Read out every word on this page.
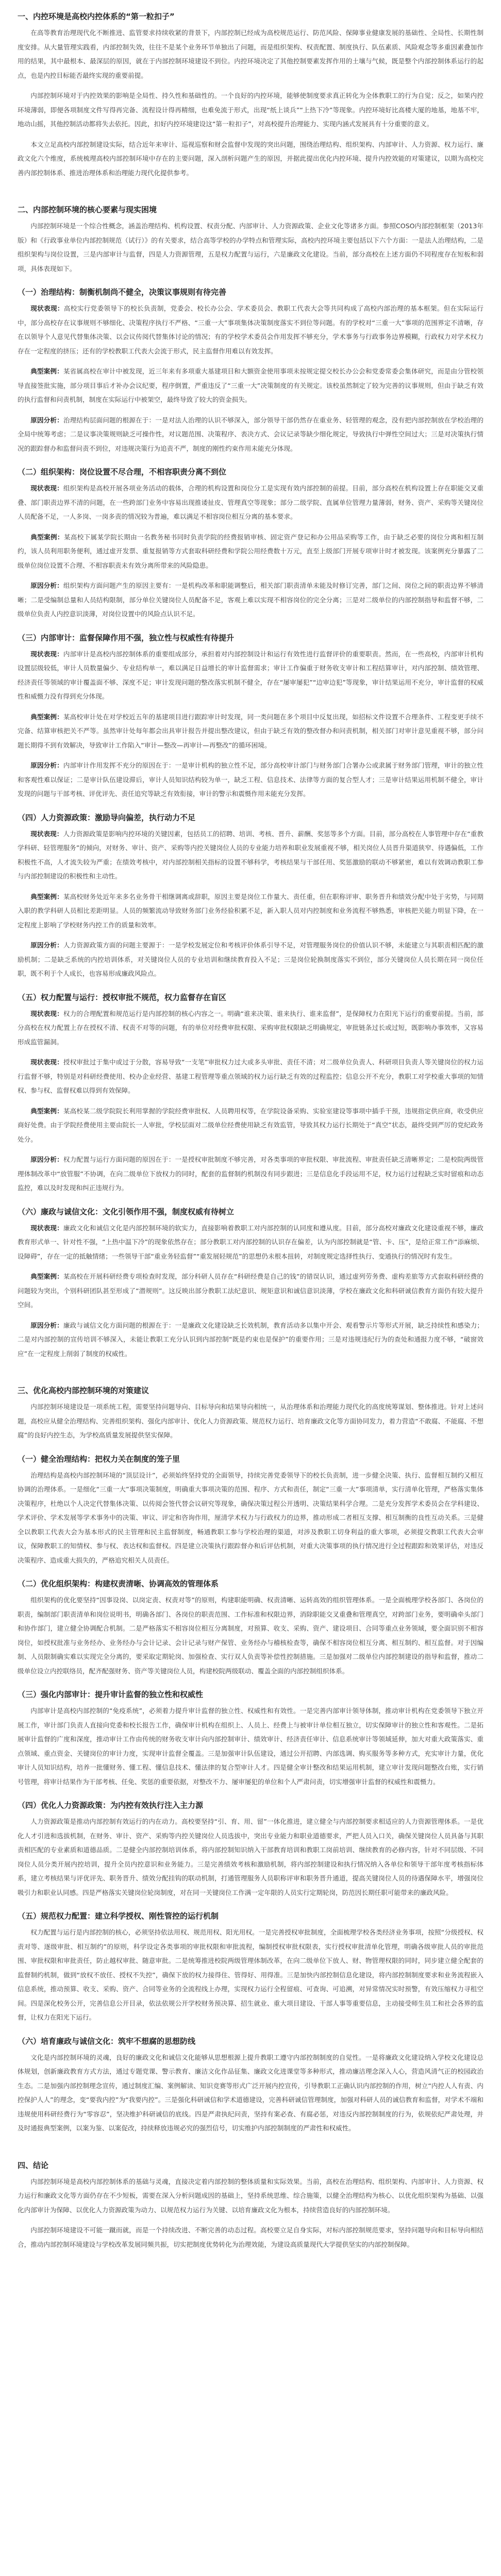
一、内控环境是高校内控体系的“第一粒扣子”

在高等教育治理现代化不断推进、监管要求持续收紧的背景下，内部控制已经成为高校规范运行、防范风险、保障事业健康发展的基础性、全局性、长期性制度安排。从大量管理实践看，内部控制失效，往往不是某个业务环节单独出了问题，而是组织架构、权责配置、制度执行、队伍素质、风险观念等多重因素叠加作用的结果，其中最根本、最深层的原因，就在于内部控制环境建设不到位。内控环境决定了其他控制要素发挥作用的土壤与气候，既是整个内部控制体系运行的起点，也是内控目标能否最终实现的重要前提。

内部控制环境对于内控效果的影响是全局性、持久性和基础性的。一个良好的内控环境，能够使制度要求真正转化为全体教职工的行为自觉；反之，如果内控环境薄弱，即便各项制度文件写得再完备、流程设计得再精细，也难免流于形式，出现“纸上谈兵”“上热下冷”等现象。内控环境好比高楼大厦的地基，地基不牢，地动山摇，其他控制活动都将失去依托。因此，扣好内控环境建设这“第一粒扣子”，对高校提升治理能力、实现内涵式发展具有十分重要的意义。

本文立足高校内部控制建设实际，结合近年来审计、巡视巡察和财会监督中发现的突出问题，围绕治理结构、组织架构、内部审计、人力资源、权力运行、廉政文化六个维度，系统梳理高校内部控制环境中存在的主要问题，深入剖析问题产生的原因，并据此提出优化内控环境、提升内控效能的对策建议，以期为高校完善内部控制体系、推进治理体系和治理能力现代化提供参考。

二、内部控制环境的核心要素与现实困境

内部控制环境是一个综合性概念，涵盖治理结构、机构设置、权责分配、内部审计、人力资源政策、企业文化等诸多方面。参照COSO内部控制框架（2013年版）和《行政事业单位内部控制规范（试行）》的有关要求，结合高等学校的办学特点和管理实际，高校内控环境主要包括以下六个方面：一是法人治理结构，二是组织架构与岗位设置，三是内部审计与监督，四是人力资源管理，五是权力配置与运行，六是廉政文化建设。当前，部分高校在上述方面仍不同程度存在短板和弱项，具体表现如下。

（一）治理结构：制衡机制尚不健全，决策议事规则有待完善

现状表现：高校实行党委领导下的校长负责制，党委会、校长办公会、学术委员会、教职工代表大会等共同构成了高校内部治理的基本框架。但在实际运行中，部分高校存在议事规则不够细化、决策程序执行不严格、“三重一大”事项集体决策制度落实不到位等问题。有的学校对“三重一大”事项的范围界定不清晰，存在以领导个人意见代替集体决策、以会议传阅代替集体讨论的情况；有的学校学术委员会作用发挥不够充分，学术事务与行政事务边界模糊，行政权力对学术权力存在一定程度的挤压；还有的学校教职工代表大会流于形式，民主监督作用难以有效发挥。

典型案例：某省属高校在审计中被发现，近三年来有多项重大基建项目和大额资金使用事项未按规定提交校长办公会和党委常委会集体研究，而是由分管校领导直接签批实施，部分项目事后才补办会议纪要，程序倒置，严重违反了“三重一大”决策制度的有关规定。该校虽然制定了较为完善的议事规则，但由于缺乏有效的执行监督和问责机制，制度在实际运行中被架空，最终导致了较大的资金损失。

原因分析：治理结构层面问题的根源在于：一是对法人治理的认识不够深入，部分领导干部仍然存在重业务、轻管理的观念，没有把内部控制放在学校治理的全局中统筹考虑；二是议事决策规则缺乏可操作性，对议题范围、决策程序、表决方式、会议记录等缺少细化规定，导致执行中弹性空间过大；三是对决策执行情况的跟踪督办和监督问责不到位，对违规决策行为追责不严，制度的刚性约束作用未能充分体现。

（二）组织架构：岗位设置不尽合理，不相容职责分离不到位

现状表现：组织架构是高校开展各项业务活动的载体，合理的机构设置和岗位分工是实现有效内部控制的前提。目前，部分高校在机构设置上存在职能交叉重叠、部门职责边界不清的问题，在一些跨部门业务中容易出现推诿扯皮、管理真空等现象；部分二级学院、直属单位管理力量薄弱，财务、资产、采购等关键岗位人员配备不足，一人多岗、一岗多责的情况较为普遍，难以满足不相容岗位相互分离的基本要求。

典型案例：某高校下属某学院长期由一名教务秘书同时负责学院的经费报销审核、固定资产登记和办公用品采购等工作，由于缺乏必要的岗位分离和相互制约，该人员利用职务便利，通过虚开发票、重复报销等方式套取科研经费和学院公用经费数十万元，直至上级部门开展专项审计时才被发现。该案例充分暴露了二级单位岗位设置不合理、不相容职责未有效分离所带来的风险隐患。

原因分析：组织架构方面问题产生的原因主要有：一是机构改革和职能调整后，相关部门职责清单未能及时修订完善，部门之间、岗位之间的职责边界不够清晰；二是受编制总量和人员结构限制，部分单位关键岗位人员配备不足，客观上难以实现不相容岗位的完全分离；三是对二级单位的内部控制指导和监督不够，二级单位负责人内控意识淡薄，对岗位设置中的风险点认识不足。

（三）内部审计：监督保障作用不强，独立性与权威性有待提升

现状表现：内部审计是高校内部控制体系的重要组成部分，承担着对内部控制设计和运行有效性进行监督评价的重要职责。然而，在一些高校，内部审计机构设置层级较低，审计人员数量偏少、专业结构单一，难以满足日益增长的审计监督需求；审计工作偏重于财务收支审计和工程结算审计，对内部控制、绩效管理、经济责任等领域的审计覆盖面不够、深度不足；审计发现问题的整改落实机制不健全，存在“屡审屡犯”“边审边犯”等现象，审计结果运用不充分，审计监督的权威性和威慑力没有得到充分体现。

典型案例：某高校审计处在对学校近五年的基建项目进行跟踪审计时发现，同一类问题在多个项目中反复出现，如招标文件设置不合理条件、工程变更手续不完备、结算审核把关不严等。虽然审计处每年都会出具审计报告并提出整改建议，但由于缺乏有效的整改督办和问责机制，相关部门对审计意见重视不够，部分问题长期得不到有效解决，导致审计工作陷入“审计—整改—再审计—再整改”的循环困境。

原因分析：内部审计作用发挥不充分的原因在于：一是审计机构的独立性不足，部分高校审计部门与财务部门合署办公或隶属于财务部门管理，审计的独立性和客观性难以保证；二是审计队伍建设滞后，审计人员知识结构较为单一，缺乏工程、信息技术、法律等方面的复合型人才；三是审计结果运用机制不健全，审计发现的问题与干部考核、评优评先、责任追究等缺乏有效衔接，审计的警示和震慑作用未能充分发挥。

（四）人力资源政策：激励导向偏差，执行动力不足

现状表现：人力资源政策是影响内控环境的关键因素，包括员工的招聘、培训、考核、晋升、薪酬、奖惩等多个方面。目前，部分高校在人事管理中存在“重教学科研、轻管理服务”的倾向，对财务、审计、资产、采购等内控关键岗位人员的专业能力培养和职业发展重视不够，相关岗位人员晋升渠道狭窄、待遇偏低，工作积极性不高，人才流失较为严重；在绩效考核中，对内部控制相关指标的设置不够科学，考核结果与干部任用、奖惩激励的联动不够紧密，难以有效调动教职工参与内部控制建设的积极性和主动性。

典型案例：某高校财务处近年来多名业务骨干相继调离或辞职，原因主要是岗位工作量大、责任重，但在职称评审、职务晋升和绩效分配中处于劣势，与同期入职的教学科研人员相比差距明显。人员的频繁流动导致财务部门业务经验积累不足，新入职人员对内控制度和业务流程不够熟悉，审核把关能力明显下降，在一定程度上影响了学校财务内控工作的质量和效率。

原因分析：人力资源政策方面的问题主要源于：一是学校发展定位和考核评价体系引导不足，对管理服务岗位的价值认识不够，未能建立与其职责相匹配的激励机制；二是缺乏系统的内控培训体系，对关键岗位人员的专业培训和继续教育投入不足；三是岗位轮换制度落实不到位，部分关键岗位人员长期在同一岗位任职，既不利于个人成长，也容易形成廉政风险点。

（五）权力配置与运行：授权审批不规范，权力监督存在盲区

现状表现：权力的合理配置和规范运行是内部控制的核心内容之一。明确“谁来决策、谁来执行、谁来监督”，是保障权力在阳光下运行的重要前提。当前，部分高校在权力配置上存在授权不清、权责不对等的问题，有的单位对经费审批权限、采购审批权限缺乏明确规定，审批链条过长或过短，既影响办事效率，又容易形成监管漏洞。

现状表现：授权审批过于集中或过于分散，容易导致“一支笔”审批权力过大或多头审批、责任不清；对二级单位负责人、科研项目负责人等关键岗位的权力运行监督不够，特别是对科研经费使用、校办企业经营、基建工程管理等重点领域的权力运行缺乏有效的过程监控；信息公开不充分，教职工对学校重大事项的知情权、参与权、监督权难以得到有效保障。

典型案例：某高校某二级学院院长利用掌握的学院经费审批权、人员聘用权等，在学院设备采购、实验室建设等事项中插手干预，违规指定供应商，收受供应商好处费。由于学院经费使用主要由院长一人审批，学校层面对二级单位经费使用缺乏有效监管，导致其权力运行长期处于“真空”状态，最终受到严厉的党纪政务处分。

原因分析：权力配置与运行方面问题的原因在于：一是授权审批制度不够完善，对各类事项的审批权限、审批流程、审批责任缺乏清晰界定；二是校院两级管理体制改革中“放管服”不协调，在向二级单位下放权力的同时，配套的监督制约机制没有同步跟进；三是信息化手段运用不足，权力运行过程缺乏实时留痕和动态监控，难以及时发现和纠正违规行为。

（六）廉政与诚信文化：文化引领作用不强，制度权威有待树立

现状表现：廉政文化和诚信文化是内部控制环境的软实力，直接影响着教职工对内部控制的认同度和遵从度。目前，部分高校对廉政文化建设重视不够，廉政教育形式单一、针对性不强，“上热中温下冷”的现象依然存在；部分教职工对内部控制的认识存在偏差，认为内部控制就是“管、卡、压”，是给正常工作“添麻烦、设障碍”，存在一定的抵触情绪；一些领导干部“重业务轻监督”“重发展轻规范”的思想仍未根本扭转，对制度规定选择性执行、变通执行的情况时有发生。

典型案例：某高校在开展科研经费专项检查时发现，部分科研人员存在“科研经费是自己的钱”的错误认识，通过虚列劳务费、虚构差旅等方式套取科研经费的问题较为突出，个别科研团队甚至形成了“潜规则”。这反映出部分教职工法纪意识、规矩意识和诚信意识淡薄，学校在廉政文化和科研诚信教育方面仍有较大提升空间。

原因分析：廉政与诚信文化方面问题的根源在于：一是廉政文化建设缺乏长效机制，教育活动多以集中开会、观看警示片等形式开展，缺乏持续性和感染力；二是对内部控制的宣传培训不够深入，未能让教职工充分认识到内部控制“既是约束也是保护”的重要作用；三是对违规违纪行为的查处和通报力度不够，“破窗效应”在一定程度上削弱了制度的权威性。

三、优化高校内部控制环境的对策建议

内部控制环境建设是一项系统工程，需要坚持问题导向、目标导向和结果导向相统一，从治理体系和治理能力现代化的高度统筹谋划、整体推进。针对上述问题，高校应从健全治理结构、完善组织架构、强化内部审计、优化人力资源政策、规范权力运行、培育廉政文化等方面协同发力，着力营造“不敢腐、不能腐、不想腐”的良好内控生态，为学校高质量发展提供坚实保障。

（一）健全治理结构：把权力关在制度的笼子里

治理结构是高校内部控制环境的“顶层设计”，必须始终坚持党的全面领导，持续完善党委领导下的校长负责制，进一步健全决策、执行、监督相互制约又相互协调的治理体系。一是细化“三重一大”事项决策制度，明确重大事项决策的范围、程序、方式和责任，制定“三重一大”事项清单，实行清单化管理，严格落实集体决策程序，杜绝以个人决定代替集体决策、以传阅会签代替会议研究等现象，确保决策过程公开透明、决策结果科学合理。二是充分发挥学术委员会在学科建设、学术评价、学术发展等学术事务中的决策、审议、评定和咨询作用，厘清学术权力与行政权力的边界，推动形成二者相互支撑、相互制衡的良性互动关系。三是健全以教职工代表大会为基本形式的民主管理和民主监督制度，畅通教职工参与学校治理的渠道，对涉及教职工切身利益的重大事项，必须提交教职工代表大会审议，保障教职工的知情权、参与权、表达权和监督权。四是建立决策执行跟踪督办和后评估机制，对重大决策事项的执行情况进行全过程跟踪和效果评估，对违反决策程序、造成重大损失的，严格追究相关人员责任。

（二）优化组织架构：构建权责清晰、协调高效的管理体系

组织架构的优化要坚持“因事设岗、以岗定责、权责对等”的原则，构建职能明确、权责清晰、运转高效的组织管理体系。一是全面梳理学校各部门、各岗位的职责，编制部门职责清单和岗位说明书，明确各部门、各岗位的职责范围、工作标准和权限边界，消除职能交叉重叠和管理真空，对跨部门业务，要明确牵头部门和协作部门，建立健全协调配合机制。二是严格落实不相容岗位相互分离制度，对预算、收支、采购、资产、建设项目、合同等重点业务领域，要全面识别不相容岗位，如授权批准与业务经办、业务经办与会计记录、会计记录与财产保管、业务经办与稽核检查等，确保不相容岗位相互分离、相互制约、相互监督。对于因编制、人员限制确实难以实现完全分离的，要采取定期轮岗、加强检查、实行双人负责等补偿性控制措施。三是加强对二级单位内部控制建设的指导和监督，推动二级单位设立内控联络员，配齐配强财务、资产等关键岗位人员，构建校院两级联动、覆盖全面的内部控制组织体系。

（三）强化内部审计：提升审计监督的独立性和权威性

内部审计是高校内部控制的“免疫系统”，必须着力提升审计监督的独立性、权威性和有效性。一是完善内部审计领导体制，推动审计机构在党委领导下独立开展工作，审计部门负责人直接向党委和校长报告工作，确保审计机构在组织上、人员上、经费上与被审计单位相互独立，切实保障审计的独立性和客观性。二是拓展审计监督的广度和深度，推动审计工作由传统的财务收支审计向内部控制审计、绩效审计、经济责任审计、信息系统审计等领域延伸，加大对重大政策落实、重点领域、重点资金、关键岗位的审计力度，实现审计监督全覆盖。三是加强审计队伍建设，通过公开招聘、内部选调、购买服务等多种方式，充实审计力量，优化审计人员知识结构，培养一批懂财务、懂工程、懂信息技术、懂法律的复合型审计人才。四是健全审计整改和结果运用机制，建立审计发现问题整改台账，实行销号管理，将审计结果作为干部考核、任免、奖惩的重要依据，对整改不力、屡审屡犯的单位和个人严肃问责，切实增强审计监督的权威性和震慑力。

（四）优化人力资源政策：为内控有效执行注入主力源

人力资源政策是推动内部控制有效运行的内在动力。高校要坚持“引、育、用、留”一体化推进，建立健全与内部控制要求相适应的人力资源管理体系。一是优化人才引进和选拔机制，在财务、审计、资产、采购等内控关键岗位人员选拔中，突出专业能力和职业道德要求，严把人员入口关，确保关键岗位人员具备与其职责相匹配的专业素质和道德品质。二是健全内部控制培训体系，将内部控制知识纳入干部教育培训和教职工岗前培训、继续教育的必修内容，针对不同层级、不同岗位人员分类开展内控培训，提升全员内控意识和业务能力。三是完善绩效考核和激励机制，将内部控制建设和执行情况纳入各单位和领导干部年度考核指标体系，建立考核结果与评优评先、职务晋升、绩效分配挂钩的联动机制，打通管理服务人员职称评审和职务晋升通道，提高关键岗位人员的待遇保障水平，增强岗位吸引力和职业认同感。四是严格落实关键岗位轮岗制度，对在同一关键岗位工作满一定年限的人员实行定期轮岗，防范因长期任职可能带来的廉政风险。

（五）规范权力配置：建立科学授权、刚性管控的运行机制

权力配置与运行是内部控制的核心，必须坚持依法用权、规范用权、阳光用权。一是完善授权审批制度，全面梳理学校各类经济业务事项，按照“分级授权、权责对等、逐级审批、相互制约”的原则，科学设定各类事项的审批权限和审批流程，编制授权审批权限表，实行授权审批清单化管理，明确各级审批人员的审批范围、审批权限和审批责任，防止越权审批、随意审批。二是统筹推进校院两级管理体制改革，在向二级单位下放人、财、物管理权限的同时，同步建立健全配套的监督制约机制，做到“放权不放任、授权不失控”，确保下放的权力接得住、管得好、用得准。三是加快内部控制信息化建设，将内部控制制度要求和业务流程嵌入信息系统，推动预算、收支、采购、资产、合同等业务的全流程线上办理，实现权力运行全程留痕、可查询、可追溯，对异常情况实时预警，有效压缩权力寻租空间。四是深化校务公开，完善信息公开目录，依法依规公开学校财务预决算、招生就业、重大项目建设、干部人事等重要信息，主动接受师生员工和社会各界的监督，让权力在阳光下运行。

（六）培育廉政与诚信文化：筑牢不想腐的思想防线

文化是内部控制环境的灵魂，良好的廉政文化和诚信文化能够从思想根源上提升教职工遵守内部控制制度的自觉性。一是将廉政文化建设纳入学校文化建设总体规划，创新廉政教育方式方法，通过专题党课、警示教育、廉洁文化作品征集、廉政文化进课堂等多种形式，推动廉洁理念深入人心，营造风清气正的校园政治生态。二是加强内部控制理念宣传，通过制度汇编、案例解读、知识竞赛等形式广泛开展内控宣传，引导教职工正确认识内部控制的作用，树立“内控人人有责、内控保护人人”的理念，变“要我内控”为“我要内控”。三是强化科研诚信和学术道德建设，完善科研诚信管理制度，加强对科研人员的诚信教育和监督，对学术不端和违规使用科研经费行为“零容忍”，坚决维护科研诚信的底线。四是严肃执纪问责，坚持有案必查、有腐必惩，对违反内部控制制度的行为，依规依纪严肃处理，并及时通报典型案例，以案为鉴、以案促改，持续释放违规必究的强烈信号，切实维护内部控制制度的严肃性和权威性。

四、结论

内部控制环境是高校内部控制体系的基础与灵魂，直接决定着内部控制的整体质量和实际效果。当前，高校在治理结构、组织架构、内部审计、人力资源、权力运行和廉政文化等方面仍存在不少短板，需要在深入分析问题成因的基础上，坚持系统思维、综合施策，以健全治理结构为核心、以优化组织架构为基础、以强化内部审计为保障、以优化人力资源政策为动力、以规范权力运行为关键、以培育廉政文化为根本，持续营造良好的内部控制环境。

内部控制环境建设不可能一蹴而就，而是一个持续改进、不断完善的动态过程。高校要立足自身实际，对标内部控制规范要求，坚持问题导向和目标导向相结合，推动内部控制环境建设与学校改革发展同频共振，切实把制度优势转化为治理效能，为建设高质量现代大学提供坚实的内部控制保障。
